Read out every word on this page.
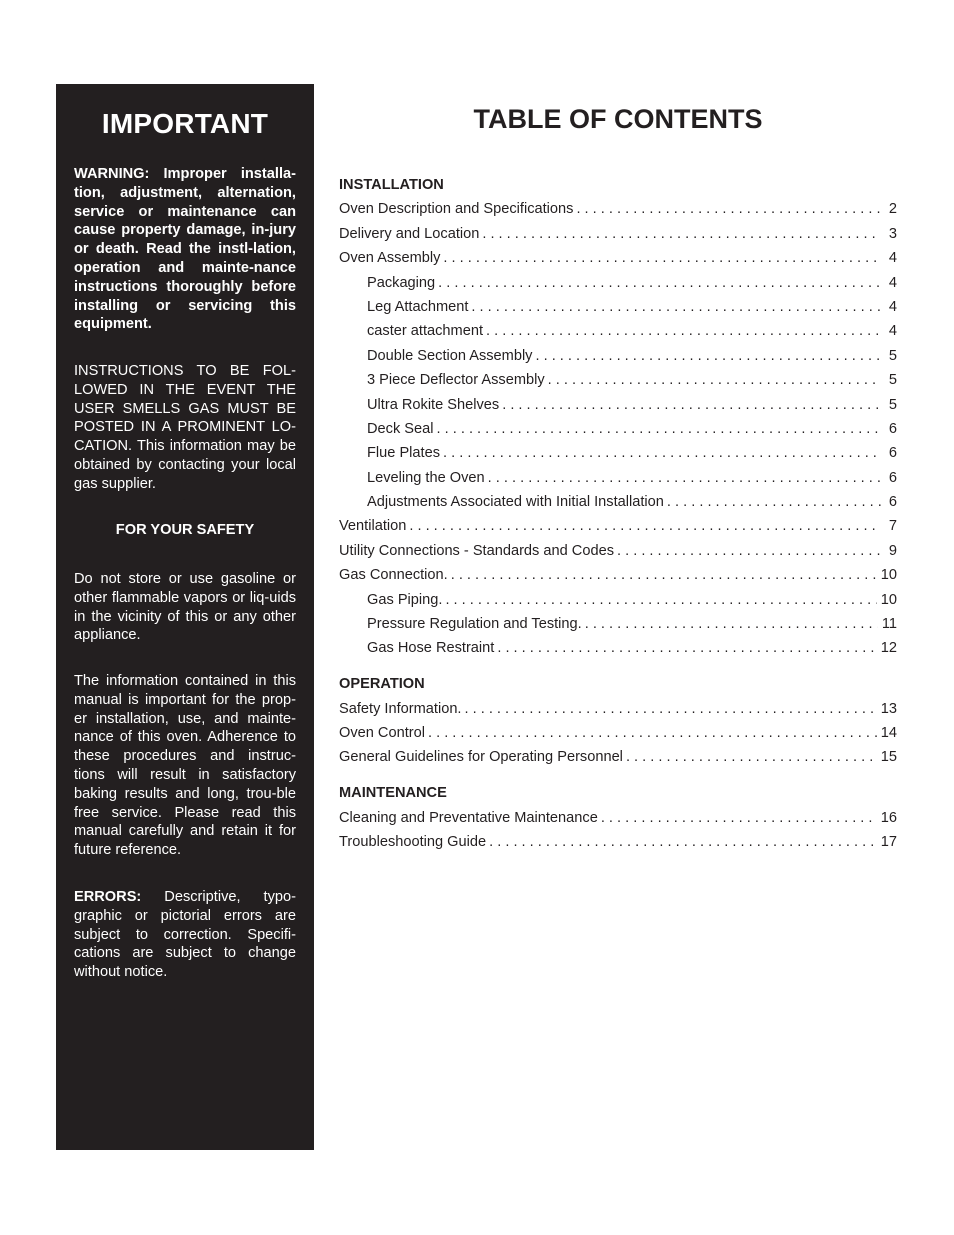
IMPORTANT
WARNING: Improper installa-tion, adjustment, alternation, service or maintenance can cause property damage, in-jury or death. Read the instl-lation, operation and mainte-nance instructions thoroughly before installing or servicing this equipment.
INSTRUCTIONS TO BE FOL-LOWED IN THE EVENT THE USER SMELLS GAS MUST BE POSTED IN A PROMINENT LO-CATION. This information may be obtained by contacting your local gas supplier.
FOR YOUR SAFETY
Do not store or use gasoline or other flammable vapors or liq-uids in the vicinity of this or any other appliance.
The information contained in this manual is important for the prop-er installation, use, and mainte-nance of this oven. Adherence to these procedures and instruc-tions will result in satisfactory baking results and long, trou-ble free service. Please read this manual carefully and retain it for future reference.
ERRORS: Descriptive, typo-graphic or pictorial errors are subject to correction. Specifi-cations are subject to change without notice.
TABLE OF CONTENTS
INSTALLATION
Oven Description and Specifications . . .	2
Delivery and Location . . .	3
Oven Assembly . . .	4
Packaging . . .	4
Leg Attachment . . .	4
caster attachment . . .	4
Double Section Assembly . . .	5
3 Piece Deflector Assembly . . .	5
Ultra Rokite Shelves . . .	5
Deck Seal . . .	6
Flue Plates . . .	6
Leveling the Oven . . .	6
Adjustments Associated with Initial Installation . . .	6
Ventilation . . .	7
Utility Connections - Standards and Codes . . .	9
Gas Connection. . . .	10
Gas Piping. . . .	10
Pressure Regulation and Testing. . . .	11
Gas Hose Restraint . . .	12
OPERATION
Safety Information. . . .	13
Oven Control . . .	14
General Guidelines for Operating Personnel . . .	15
MAINTENANCE
Cleaning and Preventative Maintenance . . .	16
Troubleshooting Guide . . .	17
